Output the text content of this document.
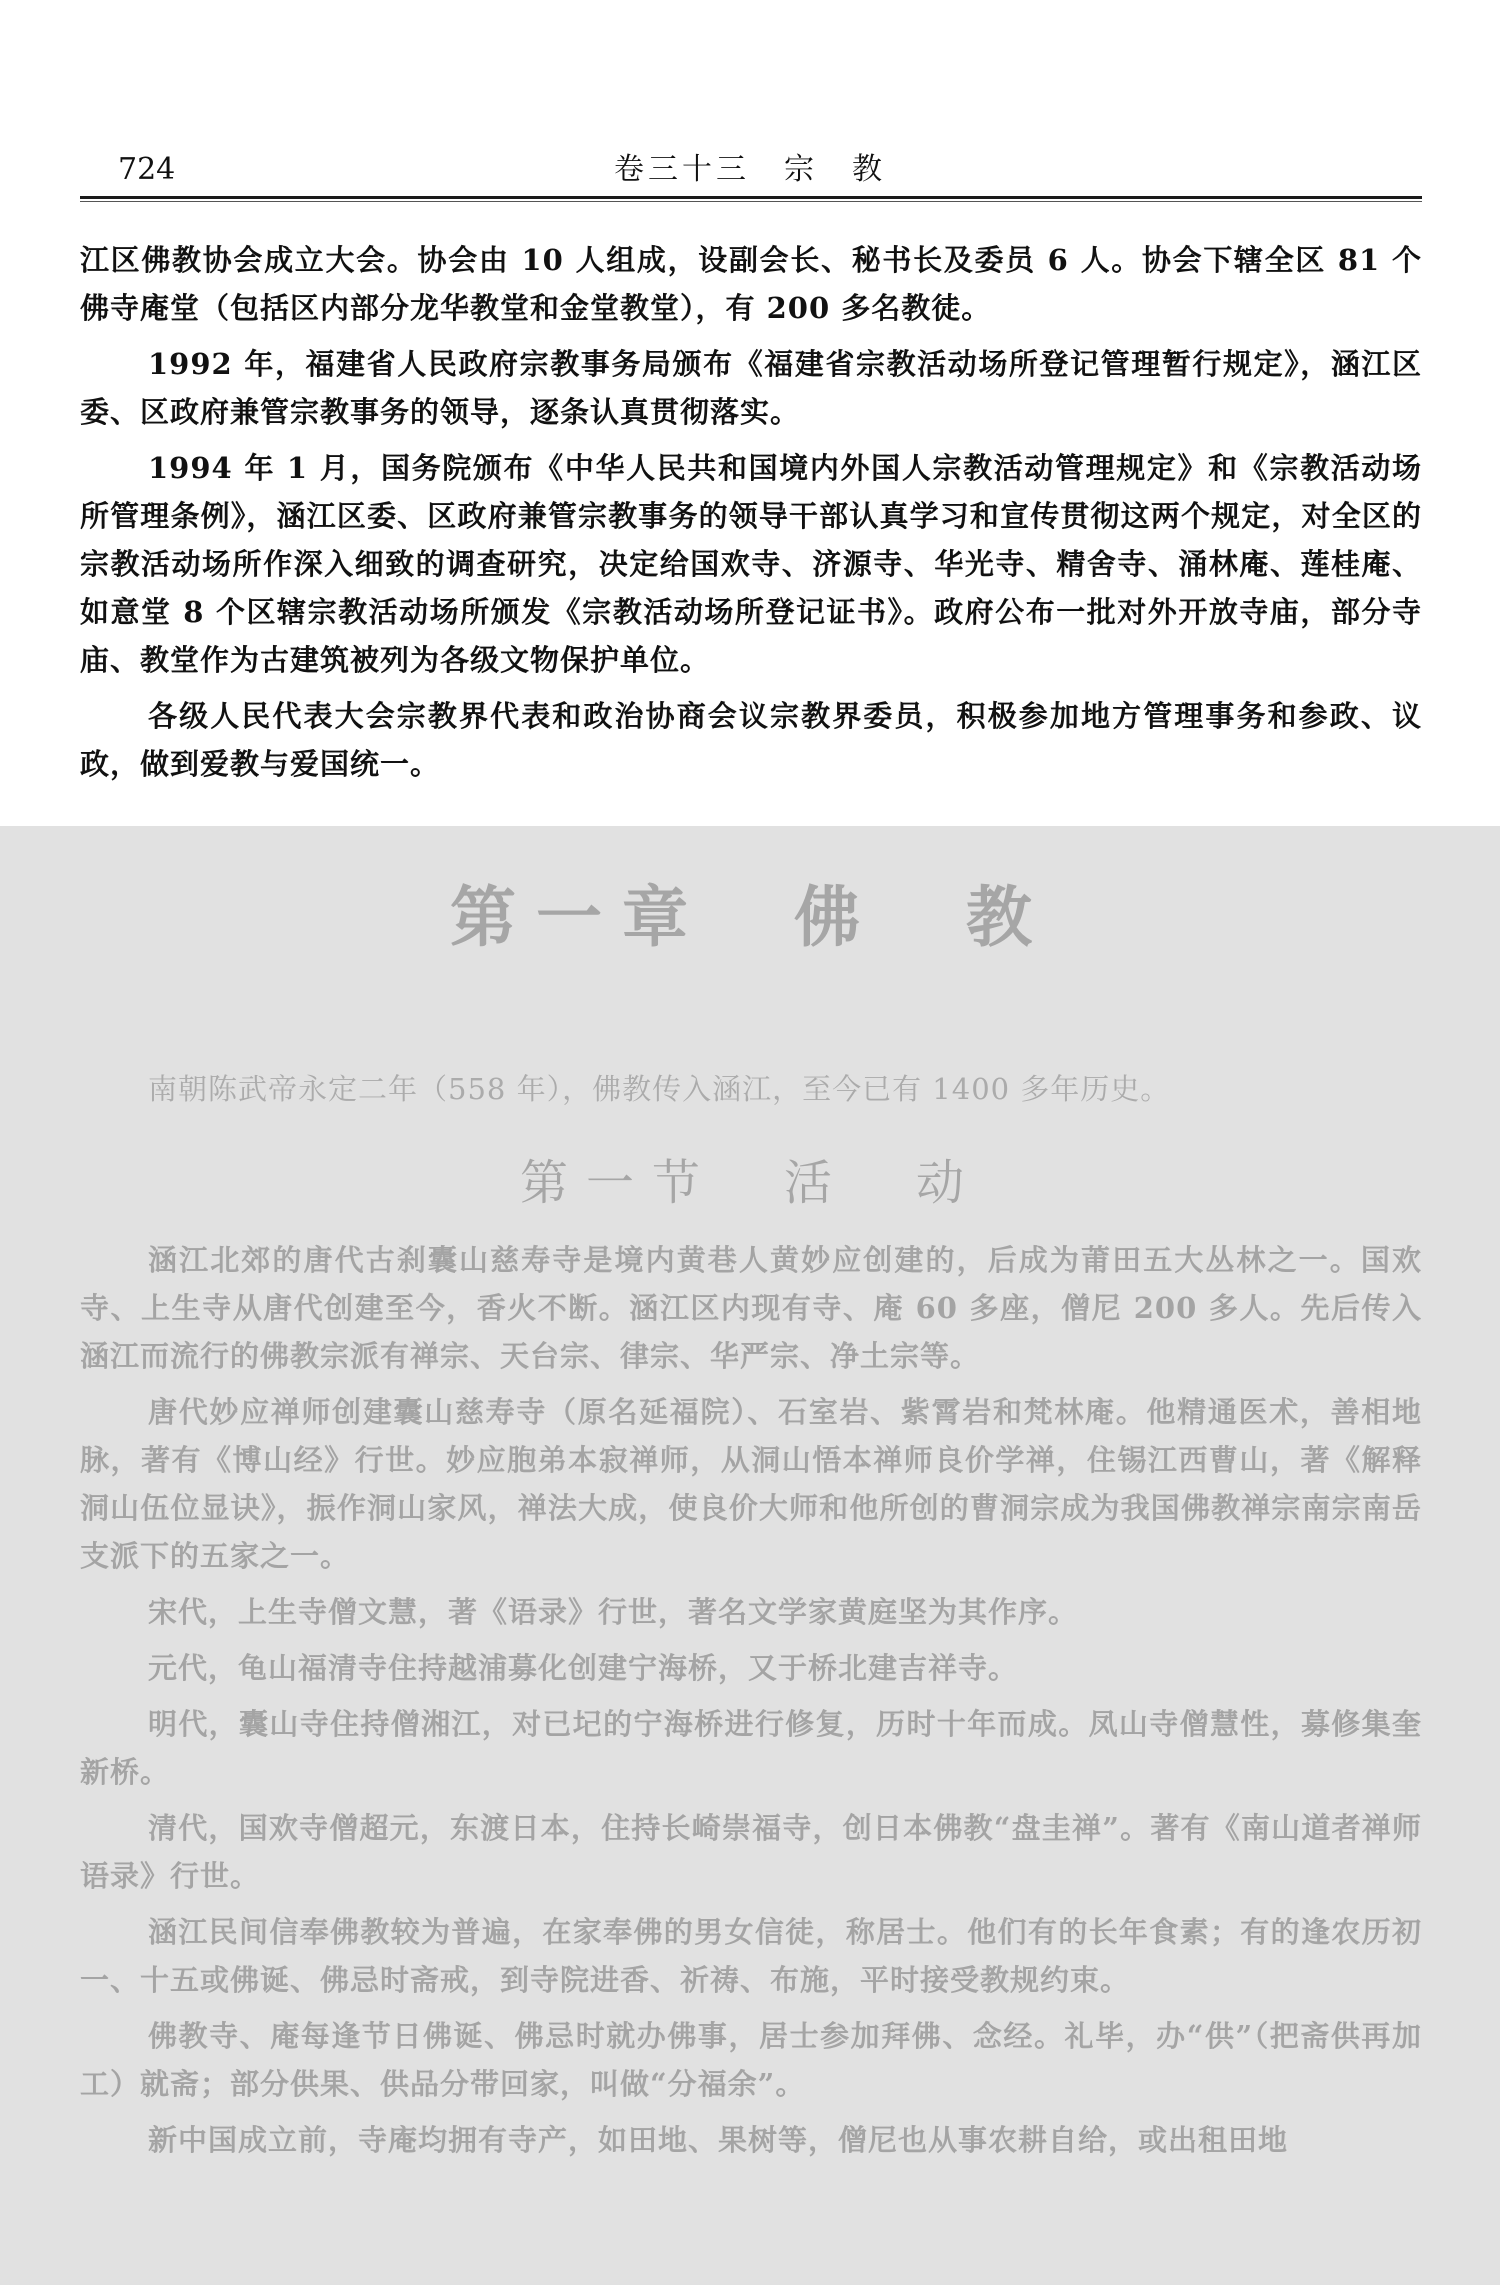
724	卷三十三　宗　教

江区佛教协会成立大会。协会由 10 人组成，设副会长、秘书长及委员 6 人。协会下辖全区 81 个佛寺庵堂（包括区内部分龙华教堂和金堂教堂），有 200 多名教徒。

1992 年，福建省人民政府宗教事务局颁布《福建省宗教活动场所登记管理暂行规定》，涵江区委、区政府兼管宗教事务的领导，逐条认真贯彻落实。

1994 年 1 月，国务院颁布《中华人民共和国境内外国人宗教活动管理规定》和《宗教活动场所管理条例》，涵江区委、区政府兼管宗教事务的领导干部认真学习和宣传贯彻这两个规定，对全区的宗教活动场所作深入细致的调查研究，决定给国欢寺、济源寺、华光寺、精舍寺、涌林庵、莲桂庵、如意堂 8 个区辖宗教活动场所颁发《宗教活动场所登记证书》。政府公布一批对外开放寺庙，部分寺庙、教堂作为古建筑被列为各级文物保护单位。

各级人民代表大会宗教界代表和政治协商会议宗教界委员，积极参加地方管理事务和参政、议政，做到爱教与爱国统一。

第一章　佛　教

南朝陈武帝永定二年（558 年），佛教传入涵江，至今已有 1400 多年历史。

第一节　活　动

涵江北郊的唐代古刹囊山慈寿寺是境内黄巷人黄妙应创建的，后成为莆田五大丛林之一。国欢寺、上生寺从唐代创建至今，香火不断。涵江区内现有寺、庵 60 多座，僧尼 200 多人。先后传入涵江而流行的佛教宗派有禅宗、天台宗、律宗、华严宗、净土宗等。

唐代妙应禅师创建囊山慈寿寺（原名延福院）、石室岩、紫霄岩和梵林庵。他精通医术，善相地脉，著有《博山经》行世。妙应胞弟本寂禅师，从洞山悟本禅师良价学禅，住锡江西曹山，著《解释洞山伍位显诀》，振作洞山家风，禅法大成，使良价大师和他所创的曹洞宗成为我国佛教禅宗南宗南岳支派下的五家之一。

宋代，上生寺僧文慧，著《语录》行世，著名文学家黄庭坚为其作序。

元代，龟山福清寺住持越浦募化创建宁海桥，又于桥北建吉祥寺。

明代，囊山寺住持僧湘江，对已圮的宁海桥进行修复，历时十年而成。凤山寺僧慧性，募修集奎新桥。

清代，国欢寺僧超元，东渡日本，住持长崎崇福寺，创日本佛教“盘圭禅”。著有《南山道者禅师语录》行世。

涵江民间信奉佛教较为普遍，在家奉佛的男女信徒，称居士。他们有的长年食素；有的逢农历初一、十五或佛诞、佛忌时斋戒，到寺院进香、祈祷、布施，平时接受教规约束。

佛教寺、庵每逢节日佛诞、佛忌时就办佛事，居士参加拜佛、念经。礼毕，办“供”（把斋供再加工）就斋；部分供果、供品分带回家，叫做“分福余”。

新中国成立前，寺庵均拥有寺产，如田地、果树等，僧尼也从事农耕自给，或出租田地
